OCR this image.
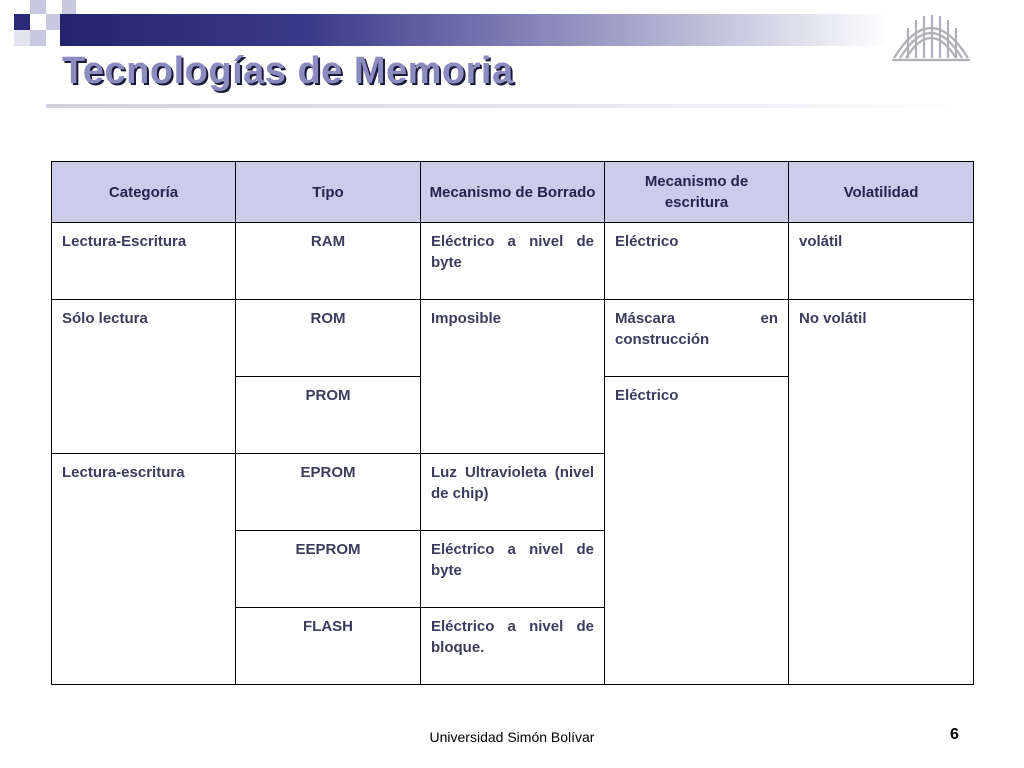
Tecnologías de Memoria
Categoría	Tipo	Mecanismo de Borrado	Mecanismo de escritura	Volatilidad
Lectura-Escritura	RAM	Eléctrico a nivel de byte	Eléctrico	volátil
Sólo lectura	ROM	Imposible	Máscara en construcción	No volátil
	PROM		Eléctrico	
Lectura-escritura	EPROM	Luz Ultravioleta (nivel de chip)		
	EEPROM	Eléctrico a nivel de byte		
	FLASH	Eléctrico a nivel de bloque.		
Universidad Simón Bolívar	6
